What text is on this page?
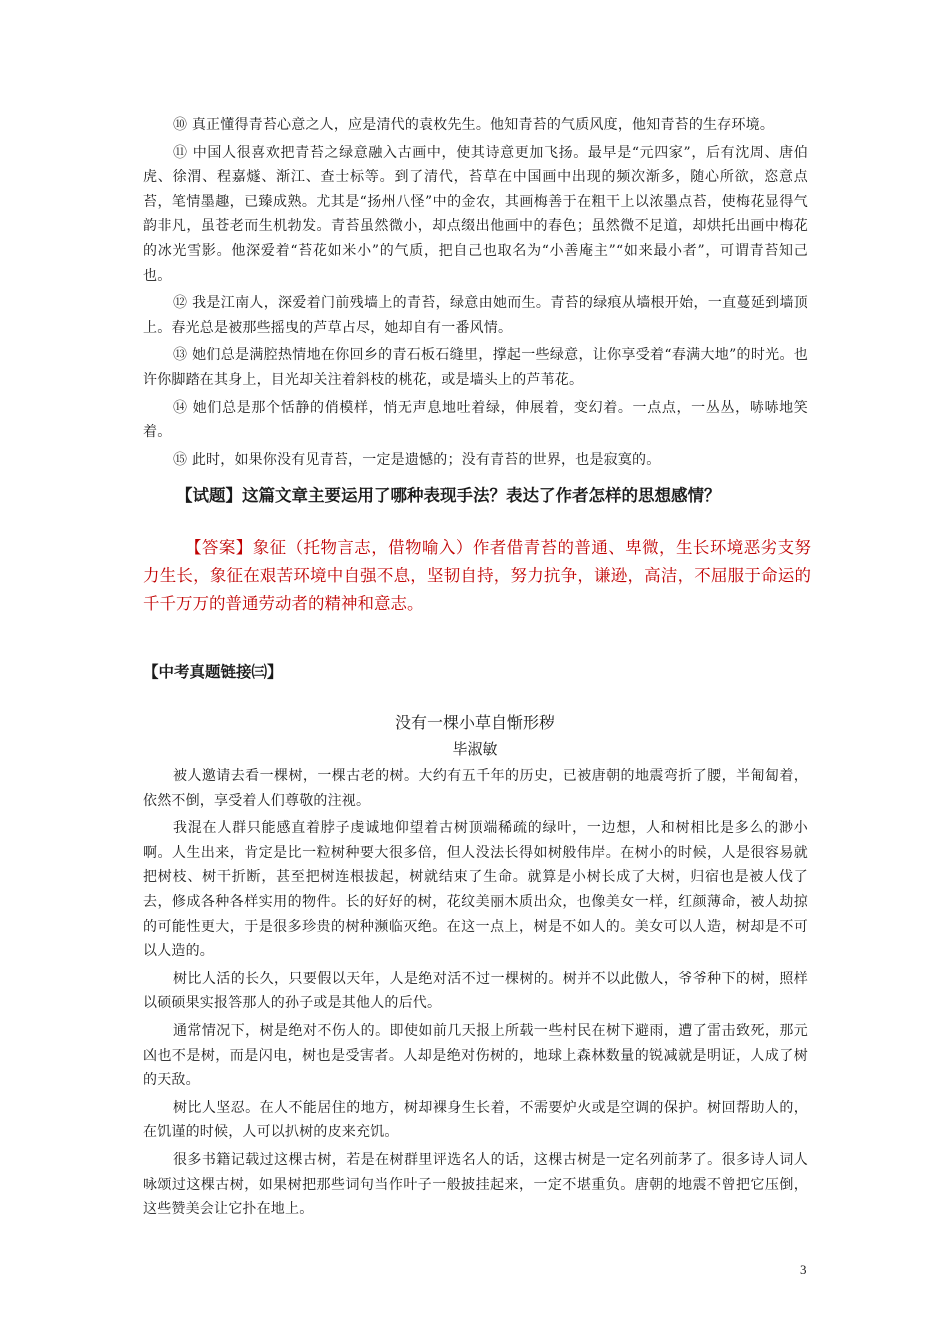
⑩ 真正懂得青苔心意之人，应是清代的袁枚先生。他知青苔的气质风度，他知青苔的生存环境。

⑪ 中国人很喜欢把青苔之绿意融入古画中，使其诗意更加飞扬。最早是“元四家”，后有沈周、唐伯虎、徐渭、程嘉燧、渐江、查士标等。到了清代，苔草在中国画中出现的频次渐多，随心所欲，恣意点苔，笔情墨趣，已臻成熟。尤其是“扬州八怪”中的金农，其画梅善于在粗干上以浓墨点苔，使梅花显得气韵非凡，虽苍老而生机勃发。青苔虽然微小，却点缀出他画中的春色；虽然微不足道，却烘托出画中梅花的冰光雪影。他深爱着“苔花如米小”的气质，把自己也取名为“小善庵主”“如来最小者”，可谓青苔知己也。

⑫ 我是江南人，深爱着门前残墙上的青苔，绿意由她而生。青苔的绿痕从墙根开始，一直蔓延到墙顶上。春光总是被那些摇曳的芦草占尽，她却自有一番风情。

⑬ 她们总是满腔热情地在你回乡的青石板石缝里，撑起一些绿意，让你享受着“春满大地”的时光。也许你脚踏在其身上，目光却关注着斜枝的桃花，或是墙头上的芦苇花。

⑭ 她们总是那个恬静的俏模样，悄无声息地吐着绿，伸展着，变幻着。一点点，一丛丛，哧哧地笑着。

⑮ 此时，如果你没有见青苔，一定是遗憾的；没有青苔的世界，也是寂寞的。

【试题】这篇文章主要运用了哪种表现手法？表达了作者怎样的思想感情？

【答案】象征（托物言志，借物喻入）作者借青苔的普通、卑微，生长环境恶劣支努力生长，象征在艰苦环境中自强不息，坚韧自持，努力抗争，谦逊，高洁，不屈服于命运的千千万万的普通劳动者的精神和意志。

【中考真题链接㈢】

没有一棵小草自惭形秽

毕淑敏

被人邀请去看一棵树，一棵古老的树。大约有五千年的历史，已被唐朝的地震弯折了腰，半匍匐着，依然不倒，享受着人们尊敬的注视。

我混在人群只能感直着脖子虔诚地仰望着古树顶端稀疏的绿叶，一边想，人和树相比是多么的渺小啊。人生出来，肯定是比一粒树种要大很多倍，但人没法长得如树般伟岸。在树小的时候，人是很容易就把树枝、树干折断，甚至把树连根拔起，树就结束了生命。就算是小树长成了大树，归宿也是被人伐了去，修成各种各样实用的物件。长的好好的树，花纹美丽木质出众，也像美女一样，红颜薄命，被人劫掠的可能性更大，于是很多珍贵的树种濒临灭绝。在这一点上，树是不如人的。美女可以人造，树却是不可以人造的。

树比人活的长久，只要假以天年，人是绝对活不过一棵树的。树并不以此傲人，爷爷种下的树，照样以硕硕果实报答那人的孙子或是其他人的后代。

通常情况下，树是绝对不伤人的。即使如前几天报上所载一些村民在树下避雨，遭了雷击致死，那元凶也不是树，而是闪电，树也是受害者。人却是绝对伤树的，地球上森林数量的锐减就是明证，人成了树的天敌。

树比人坚忍。在人不能居住的地方，树却裸身生长着，不需要炉火或是空调的保护。树回帮助人的，在饥谨的时候，人可以扒树的皮来充饥。

很多书籍记载过这棵古树，若是在树群里评选名人的话，这棵古树是一定名列前茅了。很多诗人词人咏颂过这棵古树，如果树把那些词句当作叶子一般披挂起来，一定不堪重负。唐朝的地震不曾把它压倒，这些赞美会让它扑在地上。

3
